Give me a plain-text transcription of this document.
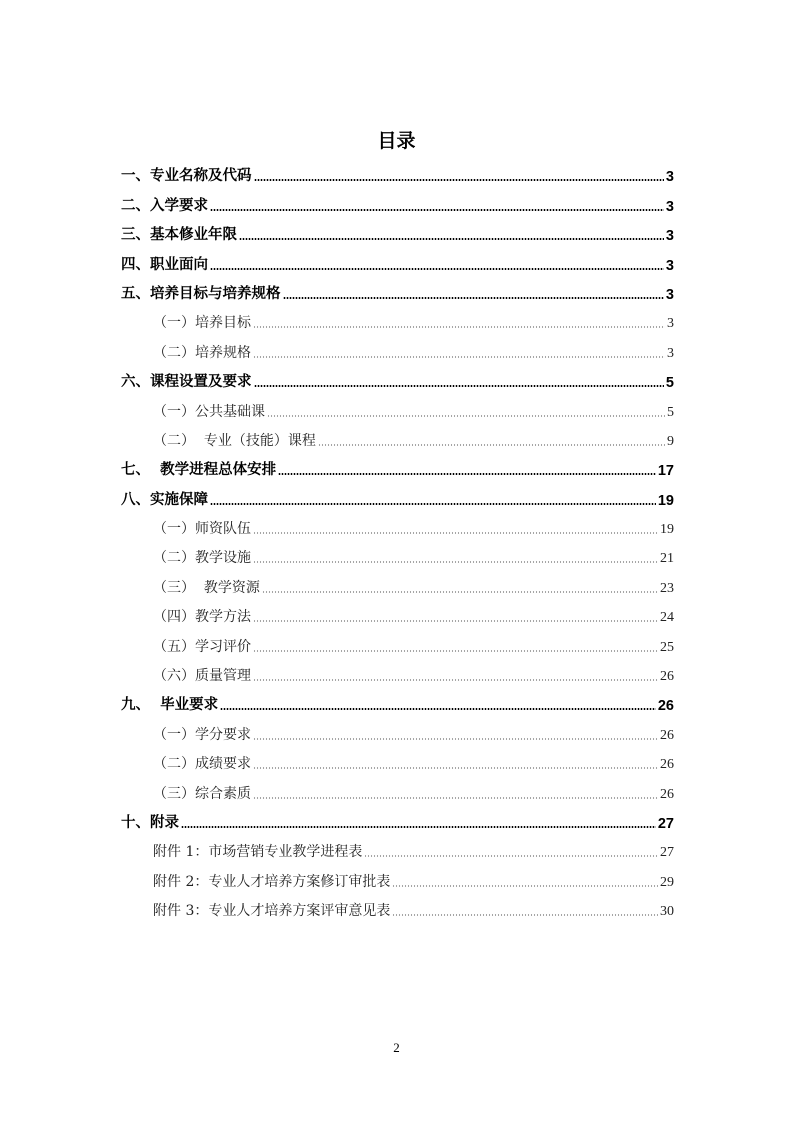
目录
一、专业名称及代码	3
二、入学要求	3
三、基本修业年限	3
四、职业面向	3
五、培养目标与培养规格	3
（一）培养目标	3
（二）培养规格	3
六、课程设置及要求	5
（一）公共基础课	5
（二）  专业（技能）课程	9
七、  教学进程总体安排	17
八、实施保障	19
（一）师资队伍	19
（二）教学设施	21
（三）  教学资源	23
（四）教学方法	24
（五）学习评价	25
（六）质量管理	26
九、  毕业要求	26
（一）学分要求	26
（二）成绩要求	26
（三）综合素质	26
十、附录	27
附件 1：市场营销专业教学进程表	27
附件 2：专业人才培养方案修订审批表	29
附件 3：专业人才培养方案评审意见表	30
2
